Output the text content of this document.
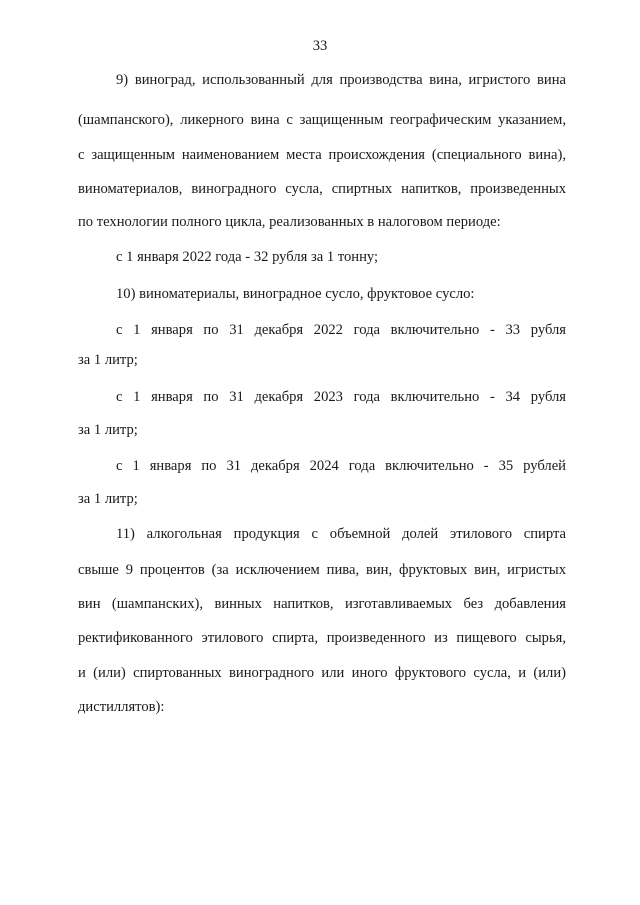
33
9) виноград, использованный для производства вина, игристого вина
(шампанского), ликерного вина с защищенным географическим указанием,
с защищенным наименованием места происхождения (специального вина),
виноматериалов, виноградного сусла, спиртных напитков, произведенных
по технологии полного цикла, реализованных в налоговом периоде:
с 1 января 2022 года - 32 рубля за 1 тонну;
10) виноматериалы, виноградное сусло, фруктовое сусло:
с 1 января по 31 декабря 2022 года включительно - 33 рубля
за 1 литр;
с 1 января по 31 декабря 2023 года включительно - 34 рубля
за 1 литр;
с 1 января по 31 декабря 2024 года включительно - 35 рублей
за 1 литр;
11) алкогольная продукция с объемной долей этилового спирта
свыше 9 процентов (за исключением пива, вин, фруктовых вин, игристых
вин (шампанских), винных напитков, изготавливаемых без добавления
ректификованного этилового спирта, произведенного из пищевого сырья,
и (или) спиртованных виноградного или иного фруктового сусла, и (или)
дистиллятов):
